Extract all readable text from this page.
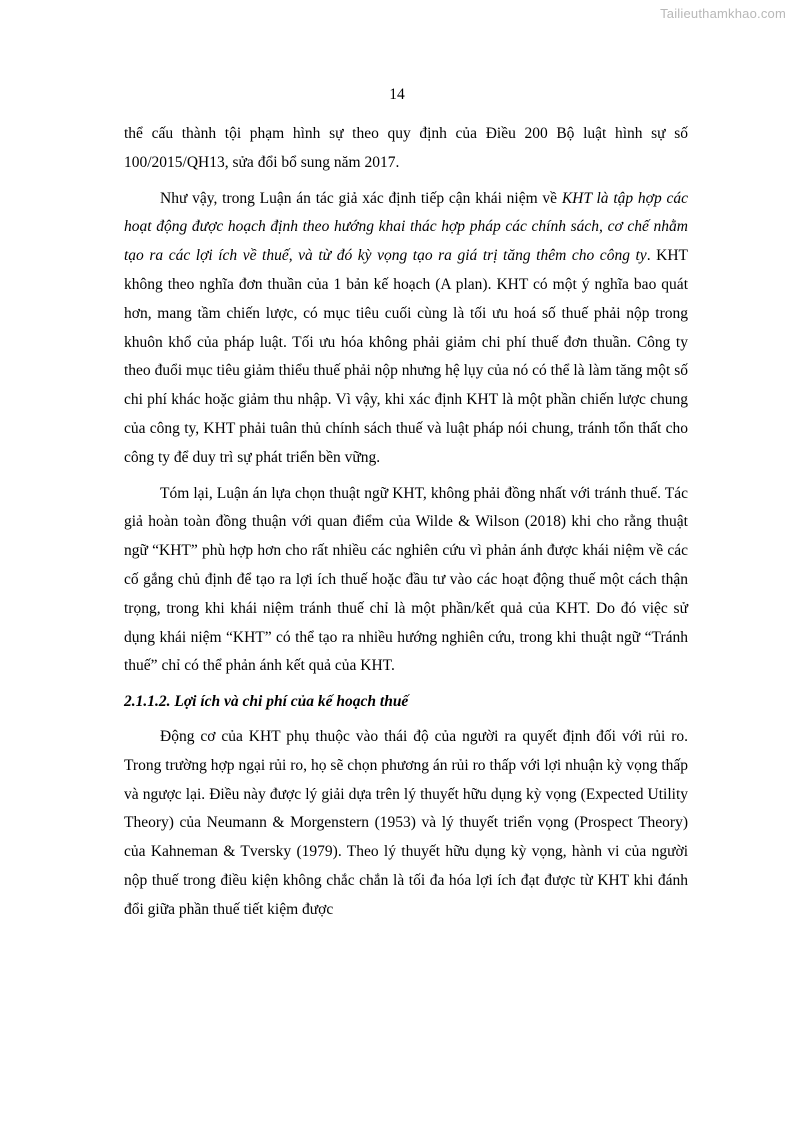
Tailieuthamkhao.com
14

thể cấu thành tội phạm hình sự theo quy định của Điều 200 Bộ luật hình sự số 100/2015/QH13, sửa đổi bổ sung năm 2017.

Như vậy, trong Luận án tác giả xác định tiếp cận khái niệm về KHT là tập hợp các hoạt động được hoạch định theo hướng khai thác hợp pháp các chính sách, cơ chế nhằm tạo ra các lợi ích về thuế, và từ đó kỳ vọng tạo ra giá trị tăng thêm cho công ty. KHT không theo nghĩa đơn thuần của 1 bản kế hoạch (A plan). KHT có một ý nghĩa bao quát hơn, mang tầm chiến lược, có mục tiêu cuối cùng là tối ưu hoá số thuế phải nộp trong khuôn khổ của pháp luật. Tối ưu hóa không phải giảm chi phí thuế đơn thuần. Công ty theo đuổi mục tiêu giảm thiểu thuế phải nộp nhưng hệ lụy của nó có thể là làm tăng một số chi phí khác hoặc giảm thu nhập. Vì vậy, khi xác định KHT là một phần chiến lược chung của công ty, KHT phải tuân thủ chính sách thuế và luật pháp nói chung, tránh tổn thất cho công ty để duy trì sự phát triển bền vững.

Tóm lại, Luận án lựa chọn thuật ngữ KHT, không phải đồng nhất với tránh thuế. Tác giả hoàn toàn đồng thuận với quan điểm của Wilde & Wilson (2018) khi cho rằng thuật ngữ “KHT” phù hợp hơn cho rất nhiều các nghiên cứu vì phản ánh được khái niệm về các cố gắng chủ định để tạo ra lợi ích thuế hoặc đầu tư vào các hoạt động thuế một cách thận trọng, trong khi khái niệm tránh thuế chỉ là một phần/kết quả của KHT. Do đó việc sử dụng khái niệm “KHT” có thể tạo ra nhiều hướng nghiên cứu, trong khi thuật ngữ “Tránh thuế” chỉ có thể phản ánh kết quả của KHT.

2.1.1.2. Lợi ích và chi phí của kế hoạch thuế

Động cơ của KHT phụ thuộc vào thái độ của người ra quyết định đối với rủi ro. Trong trường hợp ngại rủi ro, họ sẽ chọn phương án rủi ro thấp với lợi nhuận kỳ vọng thấp và ngược lại. Điều này được lý giải dựa trên lý thuyết hữu dụng kỳ vọng (Expected Utility Theory) của Neumann & Morgenstern (1953) và lý thuyết triển vọng (Prospect Theory) của Kahneman & Tversky (1979). Theo lý thuyết hữu dụng kỳ vọng, hành vi của người nộp thuế trong điều kiện không chắc chắn là tối đa hóa lợi ích đạt được từ KHT khi đánh đổi giữa phần thuế tiết kiệm được
